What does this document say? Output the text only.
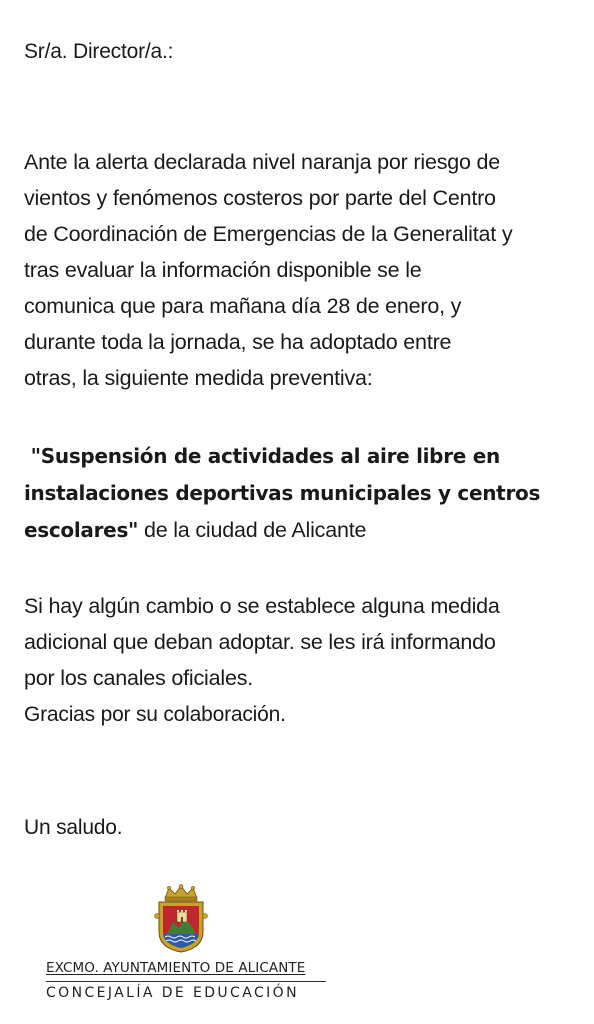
Sr/a. Director/a.:
Ante la alerta declarada nivel naranja por riesgo de
vientos y fenómenos costeros por parte del Centro
de Coordinación de Emergencias de la Generalitat y
tras evaluar la información disponible se le
comunica que para mañana día 28 de enero, y
durante toda la jornada, se ha adoptado entre
otras, la siguiente medida preventiva:
"Suspensión de actividades al aire libre en
instalaciones deportivas municipales y centros
escolares" de la ciudad de Alicante
Si hay algún cambio o se establece alguna medida
adicional que deban adoptar. se les irá informando
por los canales oficiales.
Gracias por su colaboración.
Un saludo.
EXCMO. AYUNTAMIENTO DE ALICANTE
CONCEJALÍA DE EDUCACIÓN
